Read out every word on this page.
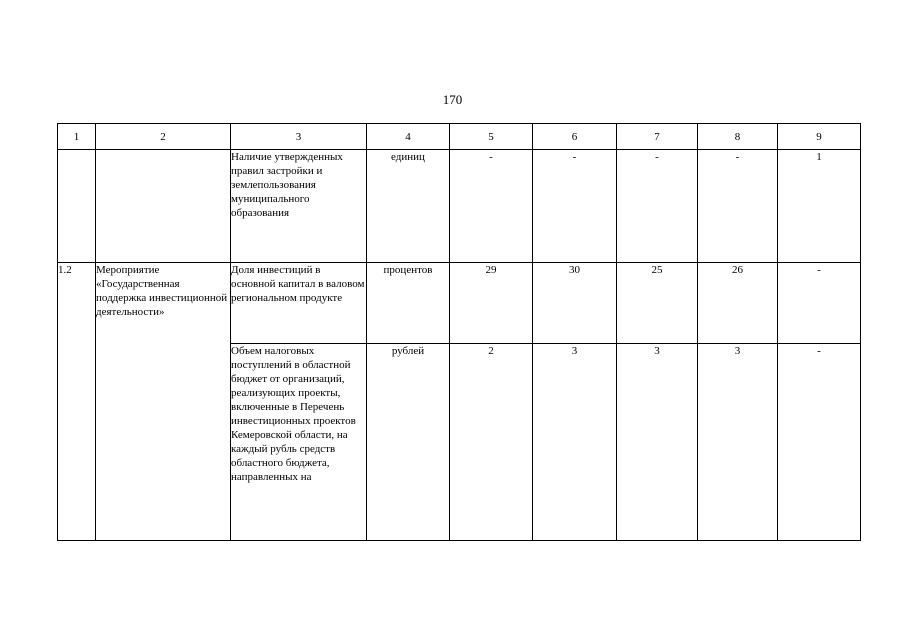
170
1	2	3	4	5	6	7	8	9
		Наличие утвержденных правил застройки и землепользования муниципального образования	единиц	-	-	-	-	1
1.2	Мероприятие «Государственная поддержка инвестиционной деятельности»	Доля инвестиций в основной капитал в валовом региональном продукте	процентов	29	30	25	26	-
		Объем налоговых поступлений в областной бюджет от организаций, реализующих проекты, включенные в Перечень инвестиционных проектов Кемеровской области, на каждый рубль средств областного бюджета, направленных на	рублей	2	3	3	3	-
